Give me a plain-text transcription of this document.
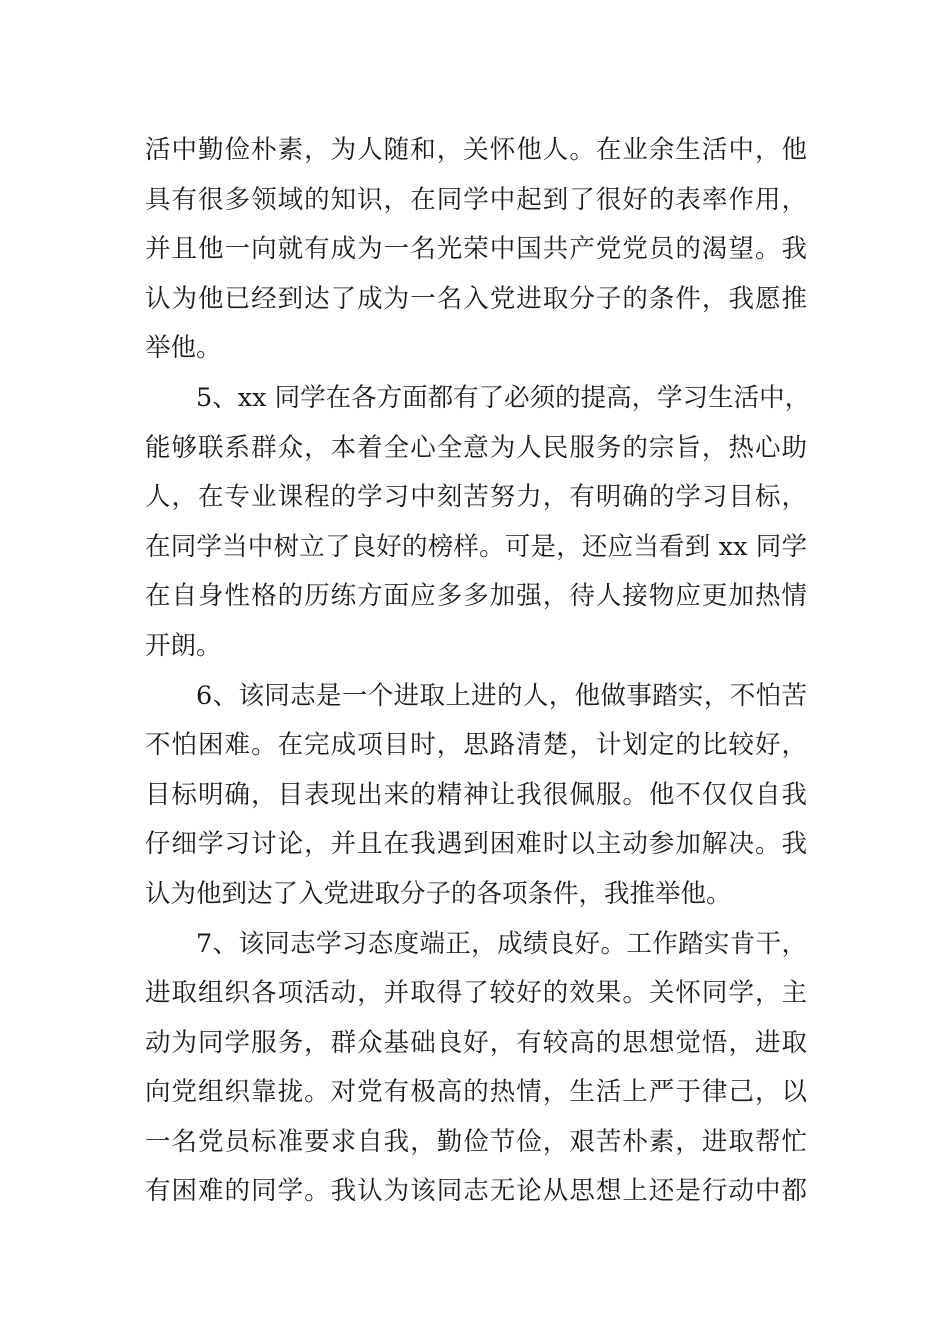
活中勤俭朴素，为人随和，关怀他人。在业余生活中，他
具有很多领域的知识，在同学中起到了很好的表率作用，
并且他一向就有成为一名光荣中国共产党党员的渴望。我
认为他已经到达了成为一名入党进取分子的条件，我愿推
举他。
5、xx 同学在各方面都有了必须的提高，学习生活中，
能够联系群众，本着全心全意为人民服务的宗旨，热心助
人，在专业课程的学习中刻苦努力，有明确的学习目标，
在同学当中树立了良好的榜样。可是，还应当看到 xx 同学
在自身性格的历练方面应多多加强，待人接物应更加热情
开朗。
6、该同志是一个进取上进的人，他做事踏实，不怕苦
不怕困难。在完成项目时，思路清楚，计划定的比较好，
目标明确，目表现出来的精神让我很佩服。他不仅仅自我
仔细学习讨论，并且在我遇到困难时以主动参加解决。我
认为他到达了入党进取分子的各项条件，我推举他。
7、该同志学习态度端正，成绩良好。工作踏实肯干，
进取组织各项活动，并取得了较好的效果。关怀同学，主
动为同学服务，群众基础良好，有较高的思想觉悟，进取
向党组织靠拢。对党有极高的热情，生活上严于律己，以
一名党员标准要求自我，勤俭节俭，艰苦朴素，进取帮忙
有困难的同学。我认为该同志无论从思想上还是行动中都
